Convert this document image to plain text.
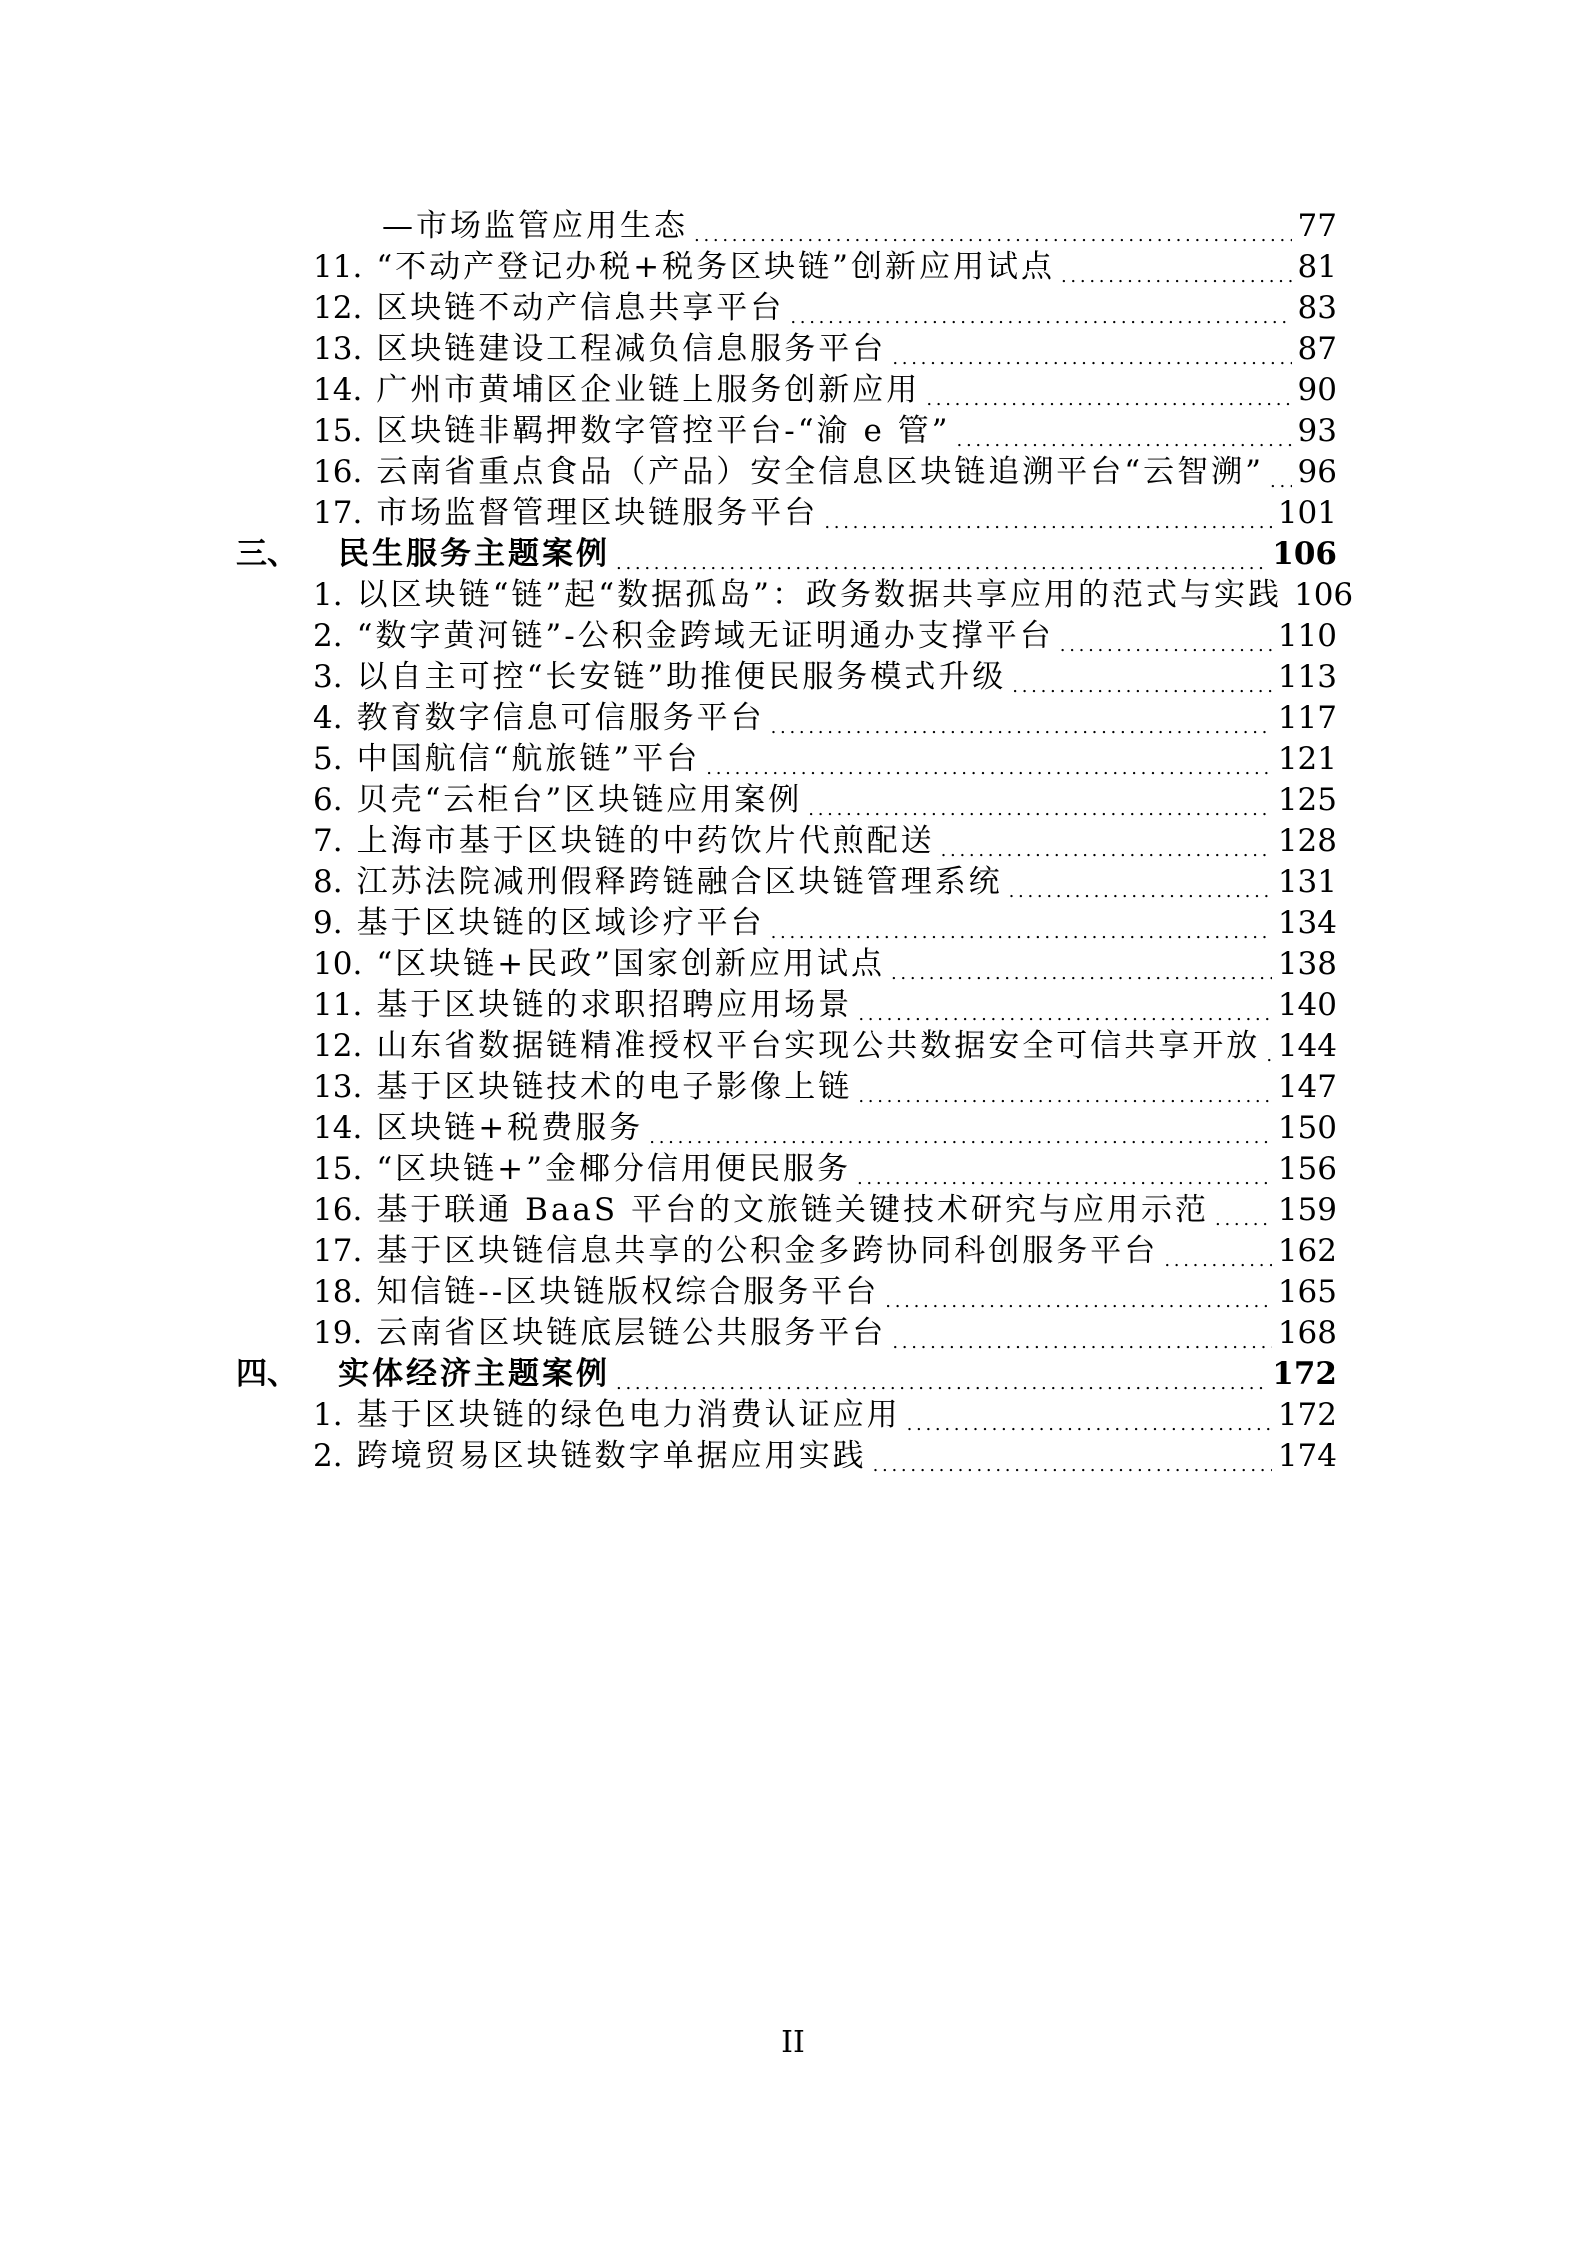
—市场监管应用生态 . . .	77
11. “不动产登记办税+税务区块链”创新应用试点 . . .	81
12. 区块链不动产信息共享平台 . . .	83
13. 区块链建设工程减负信息服务平台 . . .	87
14. 广州市黄埔区企业链上服务创新应用 . . .	90
15. 区块链非羁押数字管控平台-“渝 e 管” . . .	93
16. 云南省重点食品（产品）安全信息区块链追溯平台“云智溯” . . . 96
17. 市场监督管理区块链服务平台 . . .	101
三、 民生服务主题案例 . . .	106
1. 以区块链“链”起“数据孤岛”：政务数据共享应用的范式与实践 106
2. “数字黄河链”-公积金跨域无证明通办支撑平台 . . .	110
3. 以自主可控“长安链”助推便民服务模式升级 . . .	113
4. 教育数字信息可信服务平台 . . .	117
5. 中国航信“航旅链”平台 . . .	121
6. 贝壳“云柜台”区块链应用案例 . . .	125
7. 上海市基于区块链的中药饮片代煎配送 . . .	128
8. 江苏法院减刑假释跨链融合区块链管理系统 . . .	131
9. 基于区块链的区域诊疗平台 . . .	134
10. “区块链+民政”国家创新应用试点 . . .	138
11. 基于区块链的求职招聘应用场景 . . .	140
12. 山东省数据链精准授权平台实现公共数据安全可信共享开放 . . . 144
13. 基于区块链技术的电子影像上链 . . .	147
14. 区块链+税费服务 . . .	150
15. “区块链+”金椰分信用便民服务 . . .	156
16. 基于联通 BaaS 平台的文旅链关键技术研究与应用示范 . . . 159
17. 基于区块链信息共享的公积金多跨协同科创服务平台 . . .	162
18. 知信链--区块链版权综合服务平台 . . .	165
19. 云南省区块链底层链公共服务平台 . . .	168
四、 实体经济主题案例 . . .	172
1. 基于区块链的绿色电力消费认证应用 . . .	172
2. 跨境贸易区块链数字单据应用实践 . . .	174
II
